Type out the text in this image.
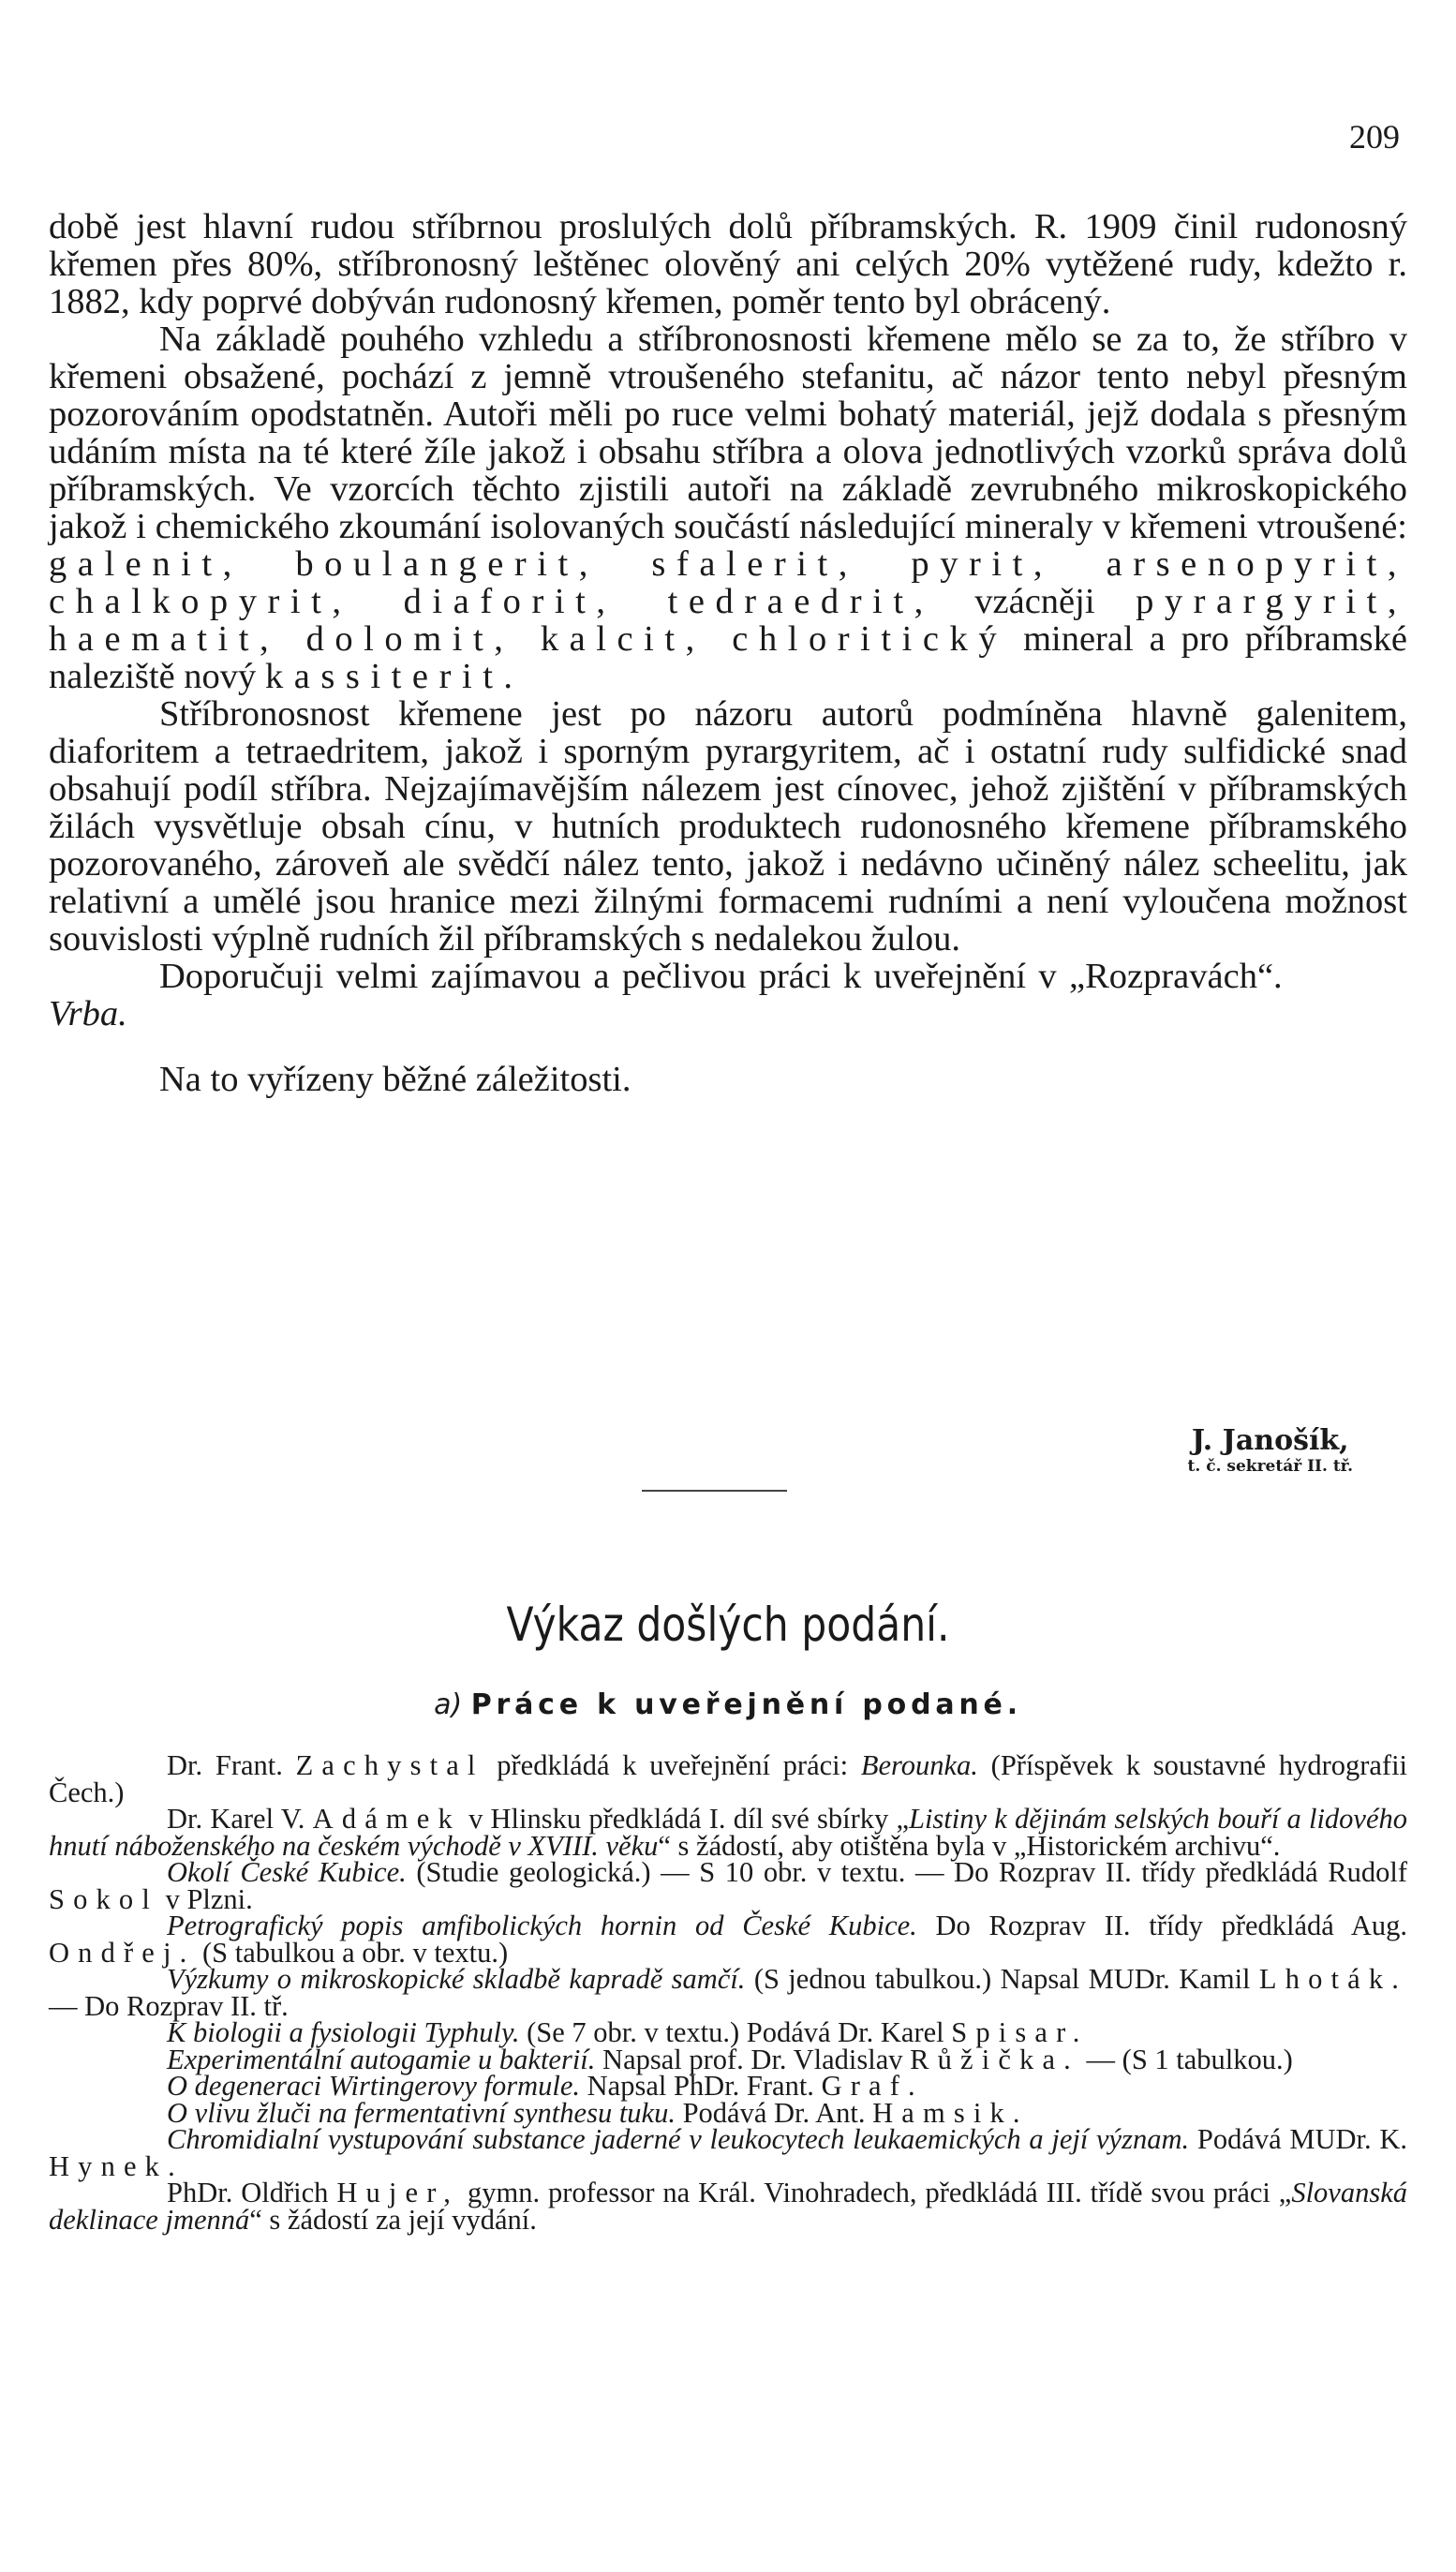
209

době jest hlavní rudou stříbrnou proslulých dolů příbramských. R. 1909 činil rudonosný křemen přes 80%, stříbronosný leštěnec olověný ani celých 20% vytěžené rudy, kdežto r. 1882, kdy poprvé dobýván rudonosný křemen, poměr tento byl obrácený.

Na základě pouhého vzhledu a stříbronosnosti křemene mělo se za to, že stříbro v křemeni obsažené, pochází z jemně vtroušeného stefanitu, ač názor tento nebyl přesným pozorováním opodstatněn. Autoři měli po ruce velmi bohatý materiál, jejž dodala s přesným udáním místa na té které žíle jakož i obsahu stříbra a olova jednotlivých vzorků správa dolů příbramských. Ve vzorcích těchto zjistili autoři na základě zevrubného mikroskopického jakož i chemického zkoumání isolovaných součástí následující mineraly v křemeni vtroušené: galenit, boulangerit, sfalerit, pyrit, arsenopyrit, chalkopyrit, diaforit, tedraedrit, vzácněji pyrargyrit, haematit, dolomit, kalcit, chloritický mineral a pro příbramské naleziště nový kassiterit.

Stříbronosnost křemene jest po názoru autorů podmíněna hlavně galenitem, diaforitem a tetraedritem, jakož i sporným pyrargyritem, ač i ostatní rudy sulfidické snad obsahují podíl stříbra. Nejzajímavějším nálezem jest cínovec, jehož zjištění v příbramských žilách vysvětluje obsah cínu, v hutních produktech rudonosného křemene příbramského pozorovaného, zároveň ale svědčí nález tento, jakož i nedávno učiněný nález scheelitu, jak relativní a umělé jsou hranice mezi žilnými formacemi rudními a není vyloučena možnost souvislosti výplně rudních žil příbramských s nedalekou žulou.

Doporučuji velmi zajímavou a pečlivou práci k uveřejnění v „Rozpravách“. Vrba.

Na to vyřízeny běžné záležitosti.

J. Janošík,
t. č. sekretář II. tř.
Výkaz došlých podání.
a) Práce k uveřejnění podané.

Dr. Frant. Zachystal předkládá k uveřejnění práci: Berounka. (Příspěvek k soustavné hydrografii Čech.)

Dr. Karel V. Adámek v Hlinsku předkládá I. díl své sbírky „Listiny k dějinám selských bouří a lidového hnutí náboženského na českém východě v XVIII. věku“ s žádostí, aby otištěna byla v „Historickém archivu“.

Okolí České Kubice. (Studie geologická.) — S 10 obr. v textu. — Do Rozprav II. třídy předkládá Rudolf Sokol v Plzni.

Petrografický popis amfibolických hornin od České Kubice. Do Rozprav II. třídy předkládá Aug. Ondřej. (S tabulkou a obr. v textu.)

Výzkumy o mikroskopické skladbě kapradě samčí. (S jednou tabulkou.) Napsal MUDr. Kamil Lhoták. — Do Rozprav II. tř.

K biologii a fysiologii Typhuly. (Se 7 obr. v textu.) Podává Dr. Karel Spisar.

Experimentální autogamie u bakterií. Napsal prof. Dr. Vladislav Růžička. — (S 1 tabulkou.)

O degeneraci Wirtingerovy formule. Napsal PhDr. Frant. Graf.

O vlivu žluči na fermentativní synthesu tuku. Podává Dr. Ant. Hamsik.

Chromidialní vystupování substance jaderné v leukocytech leukaemických a její význam. Podává MUDr. K. Hynek.

PhDr. Oldřich Hujer, gymn. professor na Král. Vinohradech, předkládá III. třídě svou práci „Slovanská deklinace jmenná“ s žádostí za její vydání.
